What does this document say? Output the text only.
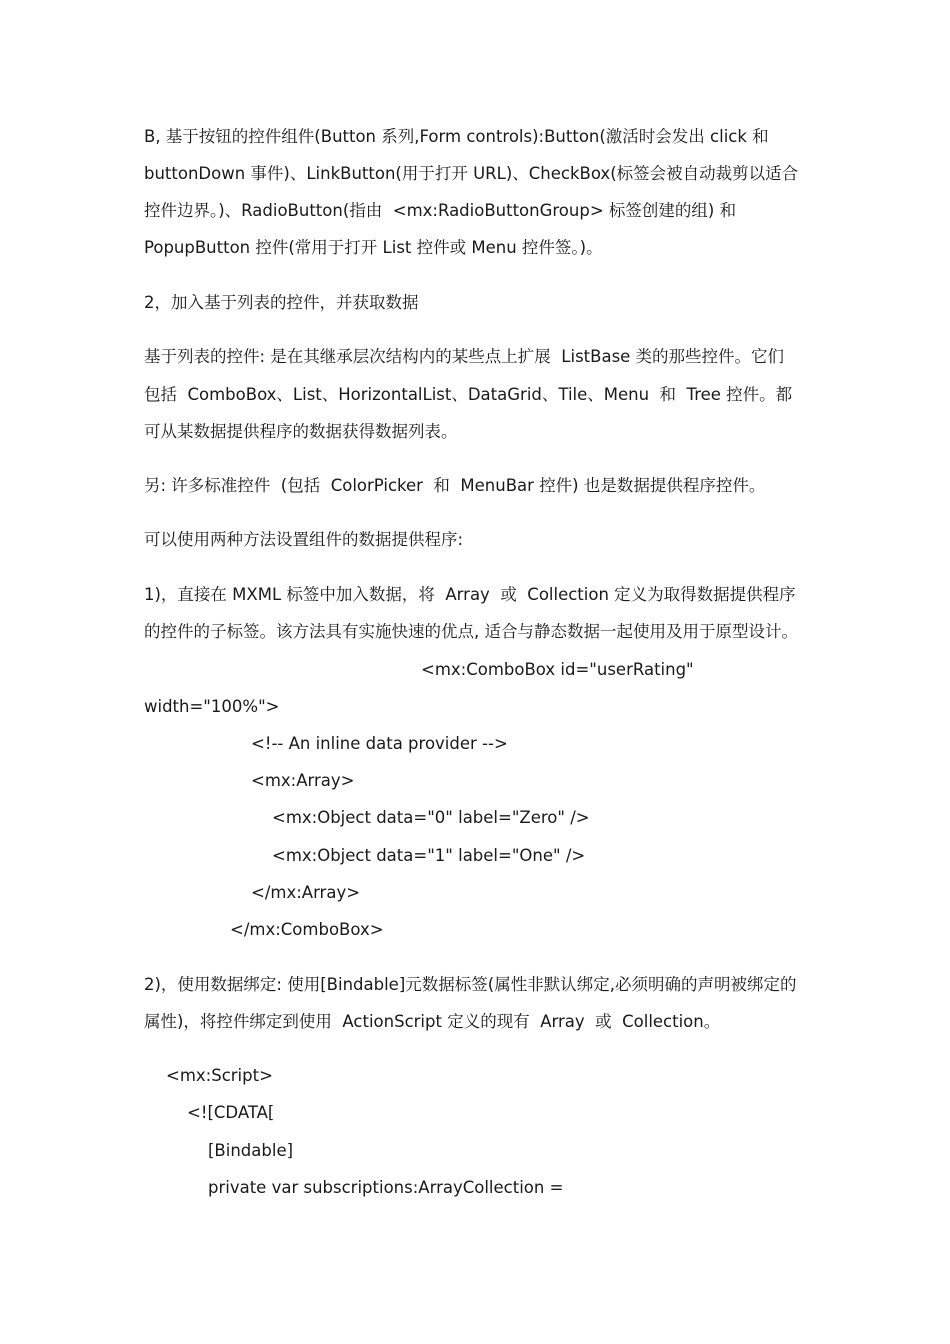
B, 基于按钮的控件组件(Button 系列,Form controls):Button(激活时会发出 click 和
buttonDown 事件)、LinkButton(用于打开 URL)、CheckBox(标签会被自动裁剪以适合
控件边界。)、RadioButton(指由  <mx:RadioButtonGroup> 标签创建的组) 和
PopupButton 控件(常用于打开 List 控件或 Menu 控件签。)。
2，加入基于列表的控件，并获取数据
基于列表的控件: 是在其继承层次结构内的某些点上扩展  ListBase 类的那些控件。它们
包括  ComboBox、List、HorizontalList、DataGrid、Tile、Menu  和  Tree 控件。都
可从某数据提供程序的数据获得数据列表。
另: 许多标准控件  (包括  ColorPicker  和  MenuBar 控件) 也是数据提供程序控件。
可以使用两种方法设置组件的数据提供程序:
1)，直接在 MXML 标签中加入数据，将  Array  或  Collection 定义为取得数据提供程序
的控件的子标签。该方法具有实施快速的优点, 适合与静态数据一起使用及用于原型设计。
<mx:ComboBox id="userRating"
width="100%">
<!-- An inline data provider -->
<mx:Array>
<mx:Object data="0" label="Zero" />
<mx:Object data="1" label="One" />
</mx:Array>
</mx:ComboBox>
2)，使用数据绑定: 使用[Bindable]元数据标签(属性非默认绑定,必须明确的声明被绑定的
属性)，将控件绑定到使用  ActionScript 定义的现有  Array  或  Collection。
<mx:Script>
<![CDATA[
[Bindable]
private var subscriptions:ArrayCollection =
